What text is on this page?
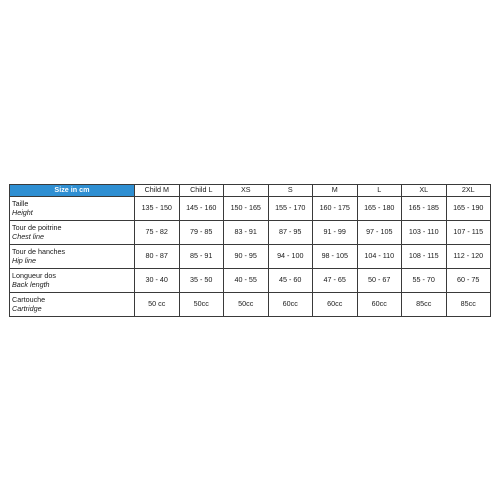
Size in cm	Child M	Child L	XS	S	M	L	XL	2XL

Taille
Height	135 - 150	145 - 160	150 - 165	155 - 170	160 - 175	165 - 180	165 - 185	165 - 190

Tour de poitrine
Chest line	75 - 82	79 - 85	83 - 91	87 - 95	91 - 99	97 - 105	103 - 110	107 - 115

Tour de hanches
Hip line	80 - 87	85 - 91	90 - 95	94 - 100	98 - 105	104 - 110	108 - 115	112 - 120

Longueur dos
Back length	30 - 40	35 - 50	40 - 55	45 - 60	47 - 65	50 - 67	55 - 70	60 - 75

Cartouche
Cartridge	50 cc	50cc	50cc	60cc	60cc	60cc	85cc	85cc
